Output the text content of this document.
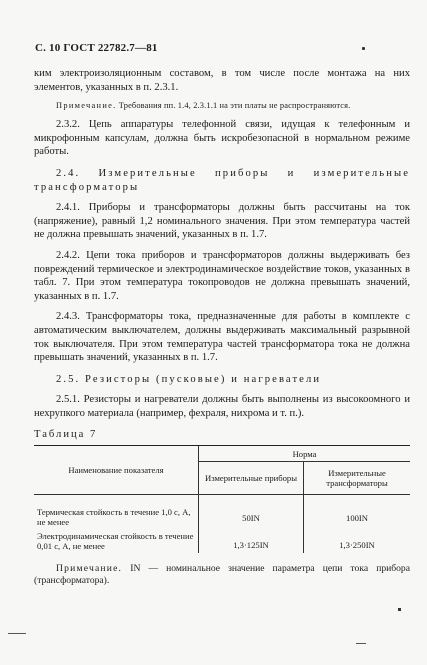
С. 10 ГОСТ 22782.7—81

ким электроизоляционным составом, в том числе после монтажа на них элементов, указанных в п. 2.3.1.

Примечание. Требования пп. 1.4, 2.3.1.1 на эти платы не распространяются.

2.3.2. Цепь аппаратуры телефонной связи, идущая к телефонным и микрофонным капсулам, должна быть искробезопасной в нормальном режиме работы.

2.4. Измерительные приборы и измерительные трансформаторы

2.4.1. Приборы и трансформаторы должны быть рассчитаны на ток (напряжение), равный 1,2 номинального значения. При этом температура частей не должна превышать значений, указанных в п. 1.7.

2.4.2. Цепи тока приборов и трансформаторов должны выдерживать без повреждений термическое и электродинамическое воздействие токов, указанных в табл. 7. При этом температура токопроводов не должна превышать значений, указанных в п. 1.7.

2.4.3. Трансформаторы тока, предназначенные для работы в комплекте с автоматическим выключателем, должны выдерживать максимальный разрывной ток выключателя. При этом температура частей трансформатора тока не должна превышать значений, указанных в п. 1.7.

2.5. Резисторы (пусковые) и нагреватели

2.5.1. Резисторы и нагреватели должны быть выполнены из высокоомного и нехрупкого материала (например, фехраля, нихрома и т. п.).

Таблица 7

Наименование показателя	Норма	
	Измерительные приборы	Измерительные трансформаторы
Термическая стойкость в течение 1,0 с, А, не менее	50IN	100IN
Электродинамическая стойкость в течение 0,01 с, А, не менее	1,3·125IN	1,3·250IN

Примечание. IN — номинальное значение параметра цепи тока прибора (трансформатора).
